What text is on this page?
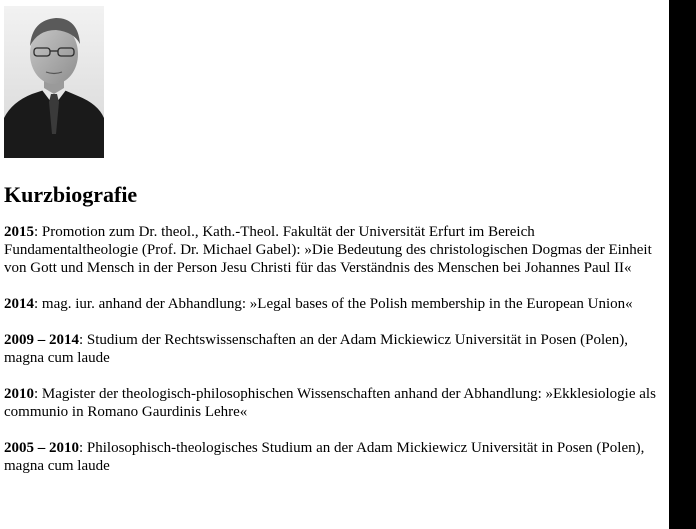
Kurzbiografie

2015: Promotion zum Dr. theol., Kath.-Theol. Fakultät der Universität Erfurt im Bereich Fundamentaltheologie (Prof. Dr. Michael Gabel): »Die Bedeutung des christologischen Dogmas der Einheit von Gott und Mensch in der Person Jesu Christi für das Verständnis des Menschen bei Johannes Paul II«

2014: mag. iur. anhand der Abhandlung: »Legal bases of the Polish membership in the European Union«

2009 – 2014: Studium der Rechtswissenschaften an der Adam Mickiewicz Universität in Posen (Polen), magna cum laude

2010: Magister der theologisch-philosophischen Wissenschaften anhand der Abhandlung: »Ekklesiologie als communio in Romano Gaurdinis Lehre«

2005 – 2010: Philosophisch-theologisches Studium an der Adam Mickiewicz Universität in Posen (Polen), magna cum laude
